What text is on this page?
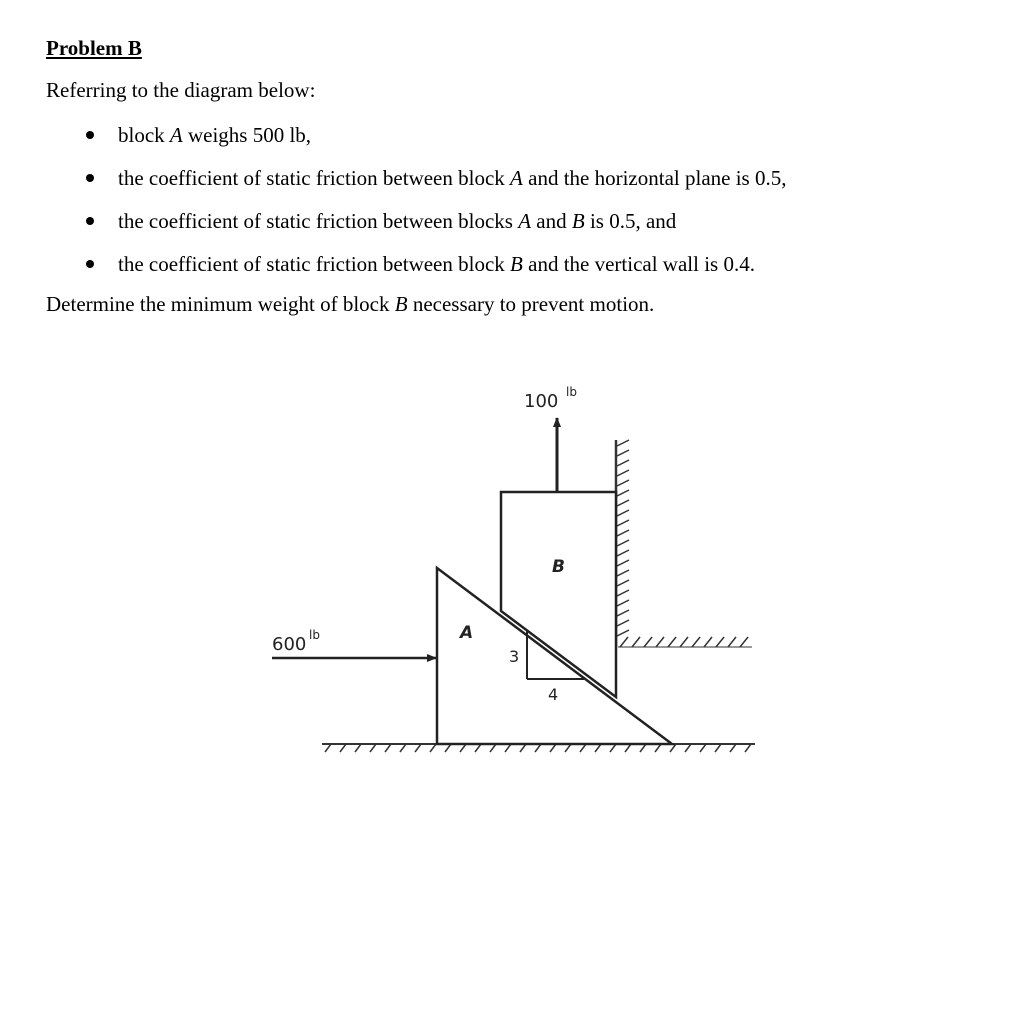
Problem B

Referring to the diagram below:

block A weighs 500 lb,
the coefficient of static friction between block A and the horizontal plane is 0.5,
the coefficient of static friction between blocks A and B is 0.5, and
the coefficient of static friction between block B and the vertical wall is 0.4.

Determine the minimum weight of block B necessary to prevent motion.

3
4
A
B
100 lb
600 lb
